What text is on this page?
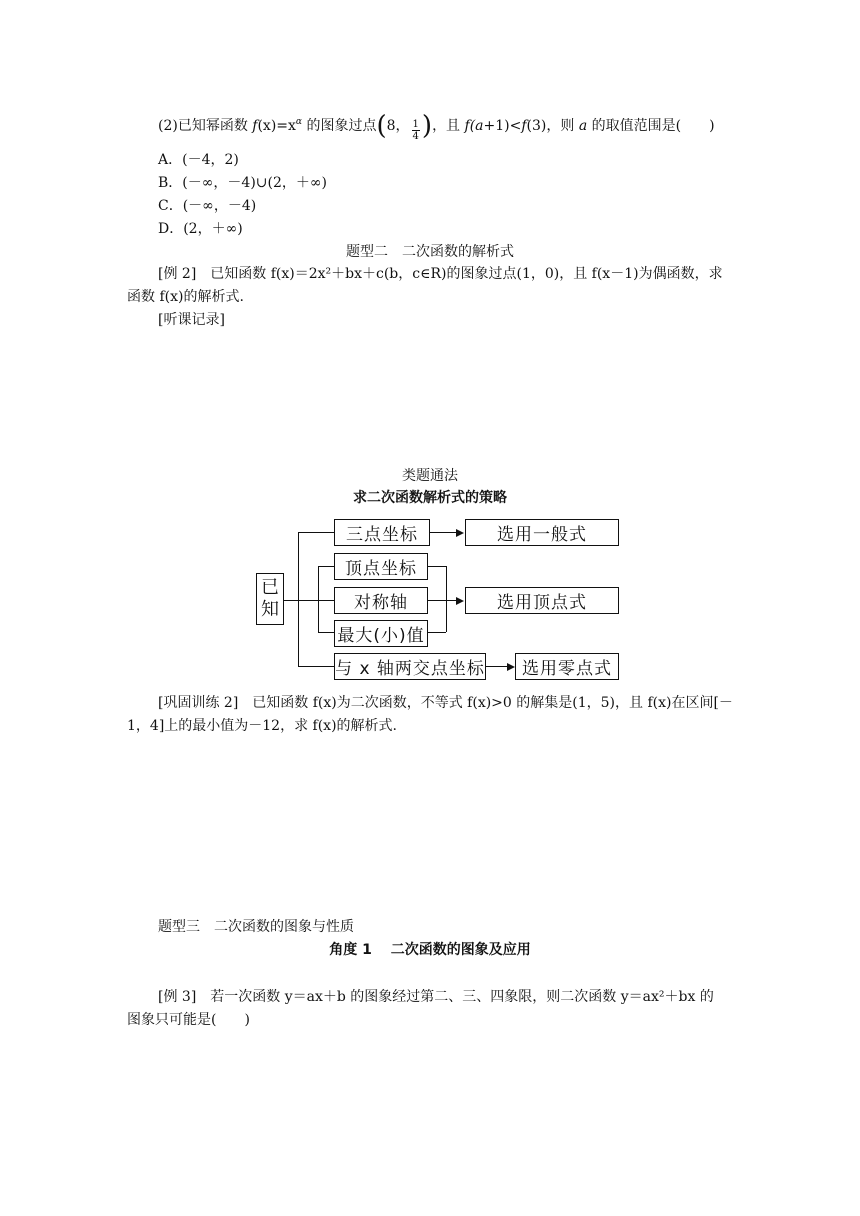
(2)已知幂函数 $f(x)=x^\alpha$ 的图象过点(8， $\frac{1}{4}$ )，且 f(a+1)<f(3)，则 a 的取值范围是(　　)
A．(－4，2)
B．(－∞，－4)∪(2，＋∞)
C．(－∞，－4)
D．(2，＋∞)
题型二　二次函数的解析式
[例 2]　已知函数 f(x)＝2x²＋bx＋c(b，c∈R)的图象过点(1，0)，且 f(x－1)为偶函数，求
函数 f(x)的解析式.
[听课记录]
类题通法
求二次函数解析式的策略
已
知
三点坐标	选用一般式
顶点坐标
对称轴
最大(小)值
选用顶点式
与 x 轴两交点坐标	选用零点式
[巩固训练 2]　已知函数 f(x)为二次函数，不等式 f(x)>0 的解集是(1，5)，且 f(x)在区间[－
1，4]上的最小值为－12，求 f(x)的解析式.
题型三　二次函数的图象与性质
角度 1　 二次函数的图象及应用
[例 3]　若一次函数 y＝ax＋b 的图象经过第二、三、四象限，则二次函数 y＝ax²＋bx 的
图象只可能是(　　)
